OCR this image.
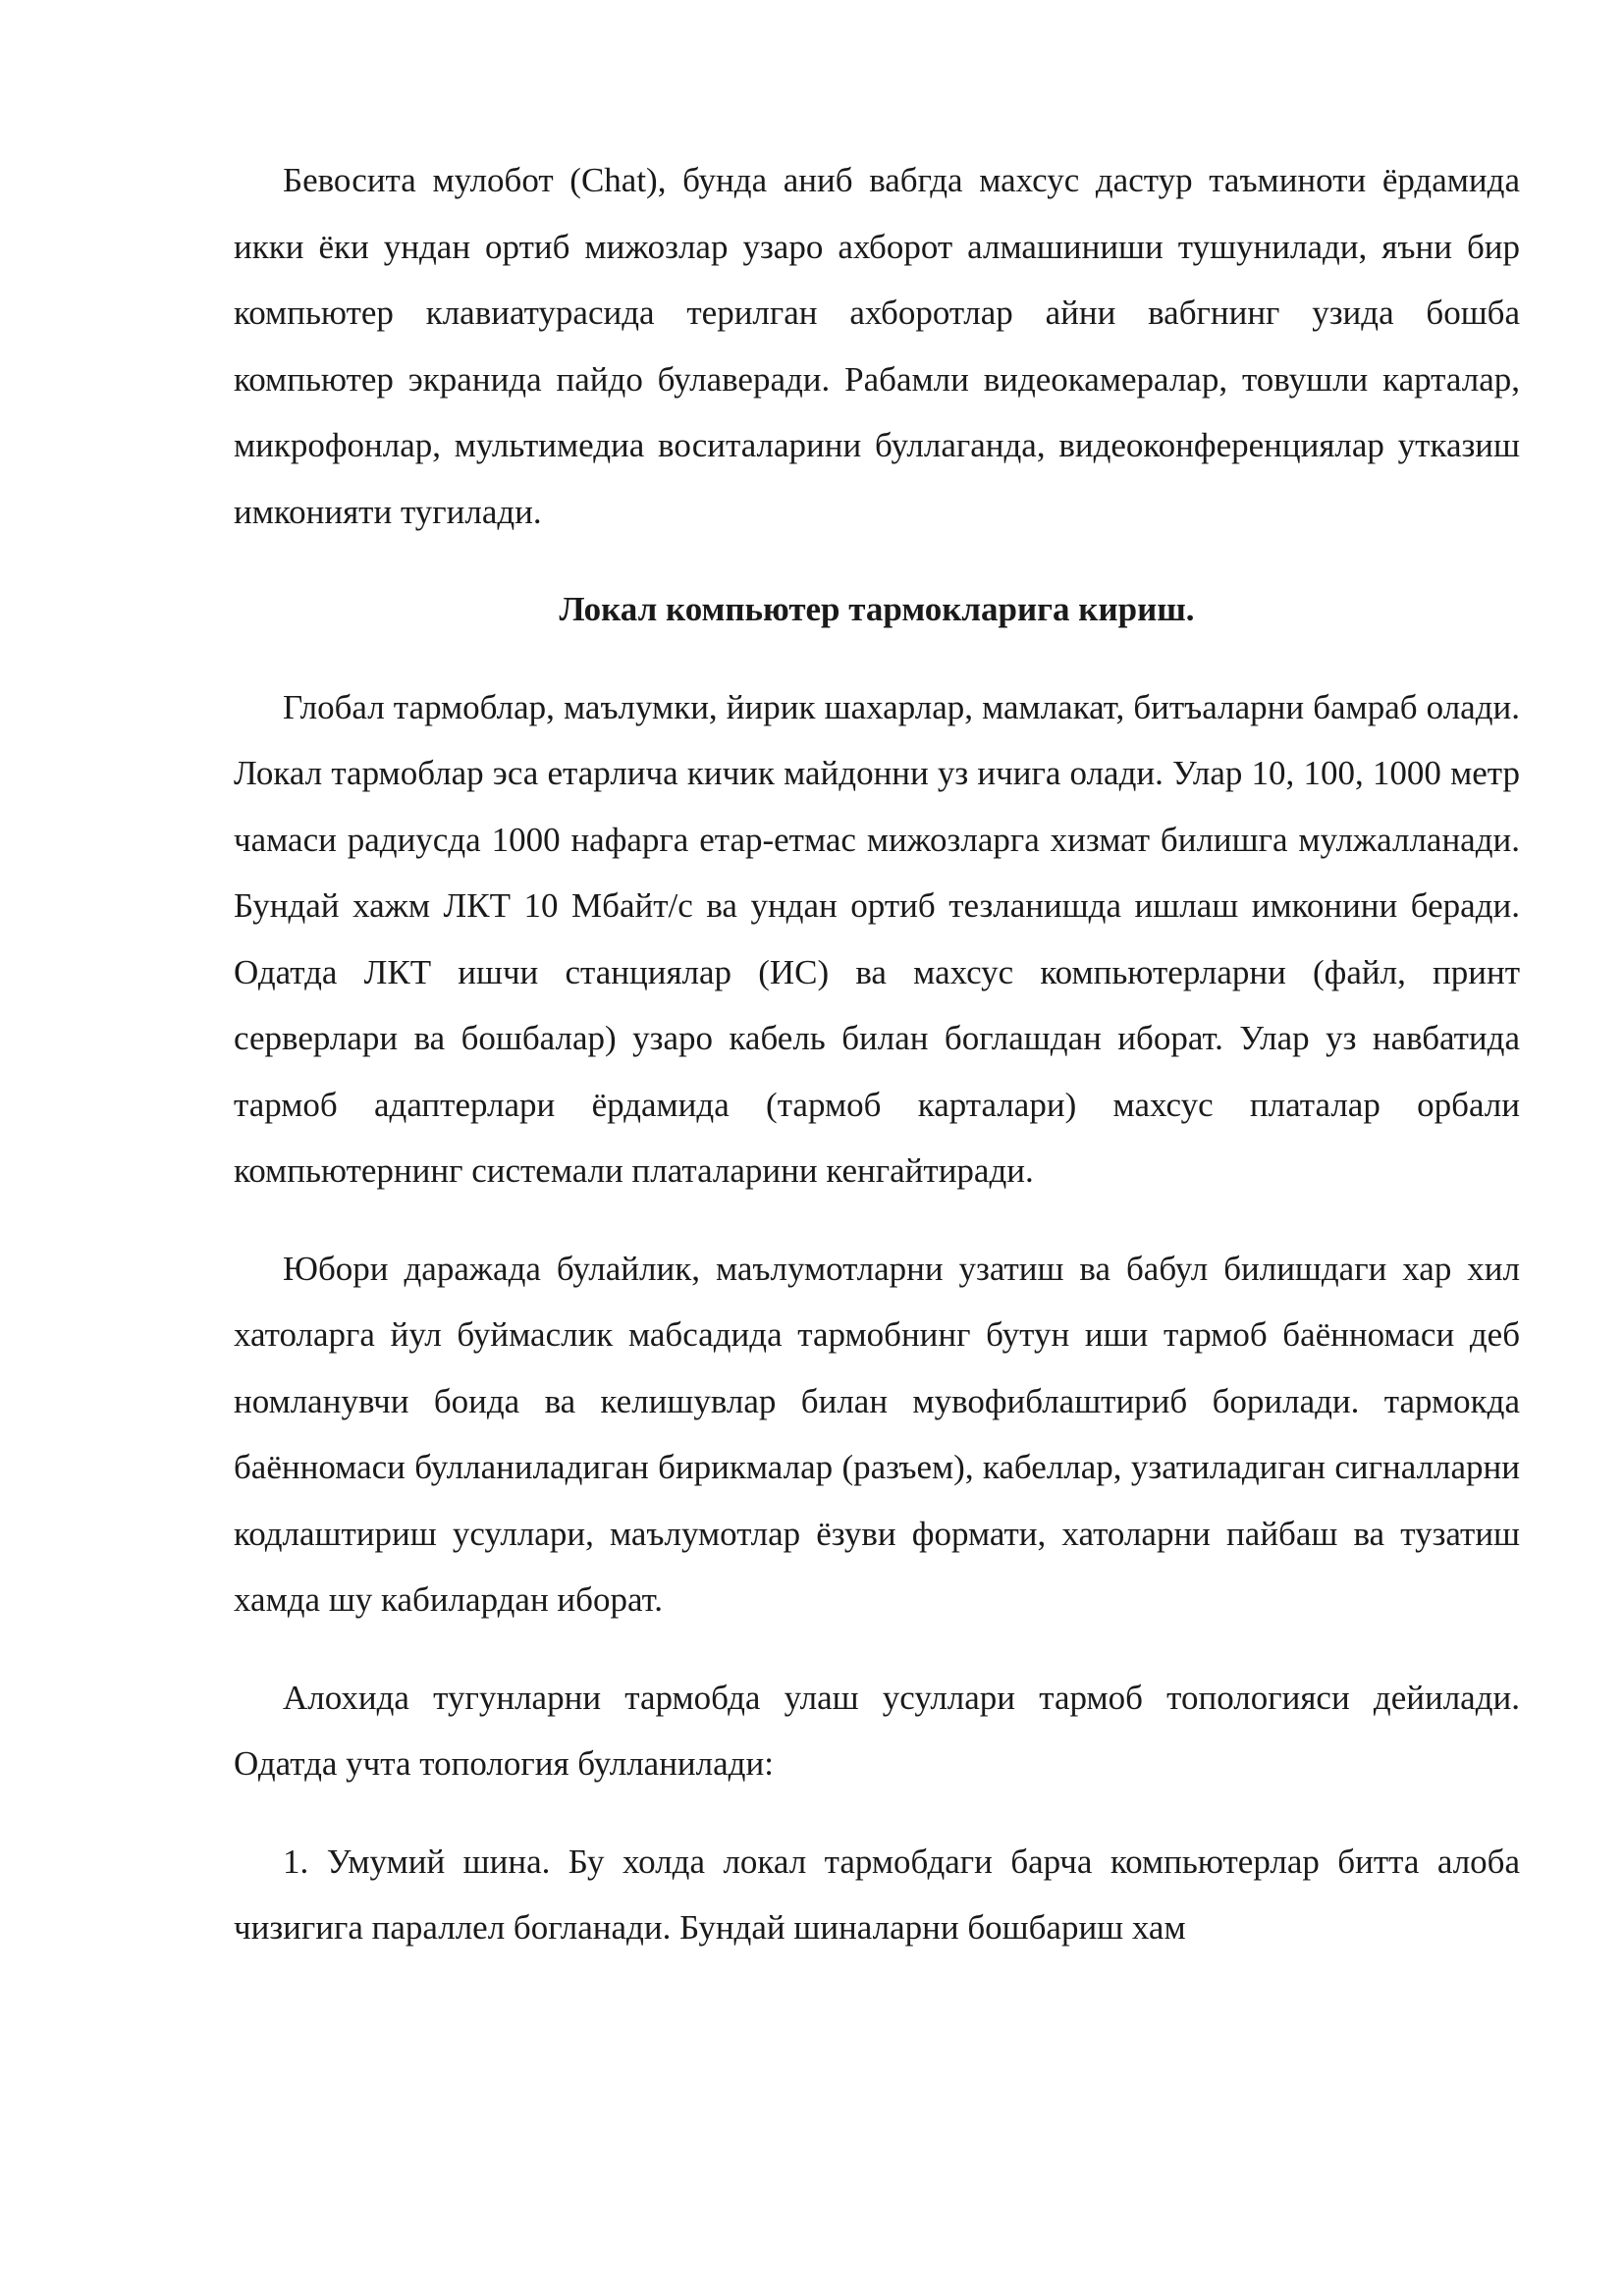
Бевосита мулобот (Chat), бунда аниб вабгда махсус дастур таъминоти ёрдамида икки ёки ундан ортиб мижозлар узаро ахборот алмашиниши тушунилади, яъни бир компьютер клавиатурасида терилган ахборотлар айни вабгнинг узида бошба компьютер экранида пайдо булаверади. Рабамли видеокамералар, товушли карталар, микрофонлар, мультимедиа воситаларини буллаганда, видеоконференциялар утказиш имконияти тугилади.

Локал компьютер тармокларига кириш.

Глобал тармоблар, маълумки, йирик шахарлар, мамлакат, битъаларни бамраб олади. Локал тармоблар эса етарлича кичик майдонни уз ичига олади. Улар 10, 100, 1000 метр чамаси радиусда 1000 нафарга етар-етмас мижозларга хизмат билишга мулжалланади. Бундай хажм ЛКТ 10 Мбайт/с ва ундан ортиб тезланишда ишлаш имконини беради. Одатда ЛКТ ишчи станциялар (ИС) ва махсус компьютерларни (файл, принт серверлари ва бошбалар) узаро кабель билан боглашдан иборат. Улар уз навбатида тармоб адаптерлари ёрдамида (тармоб карталари) махсус платалар орбали компьютернинг системали платаларини кенгайтиради.

Юбори даражада булайлик, маълумотларни узатиш ва бабул билишдаги хар хил хатоларга йул буймаслик мабсадида тармобнинг бутун иши тармоб баённомаси деб номланувчи боида ва келишувлар билан мувофиблаштириб борилади. тармокда баённомаси булланиладиган бирикмалар (разъем), кабеллар, узатиладиган сигналларни кодлаштириш усуллари, маълумотлар ёзуви формати, хатоларни пайбаш ва тузатиш хамда шу кабилардан иборат.

Алохида тугунларни тармобда улаш усуллари тармоб топологияси дейилади. Одатда учта топология булланилади:

1. Умумий шина. Бу холда локал тармобдаги барча компьютерлар битта алоба чизигига параллел богланади. Бундай шиналарни бошбариш хам
